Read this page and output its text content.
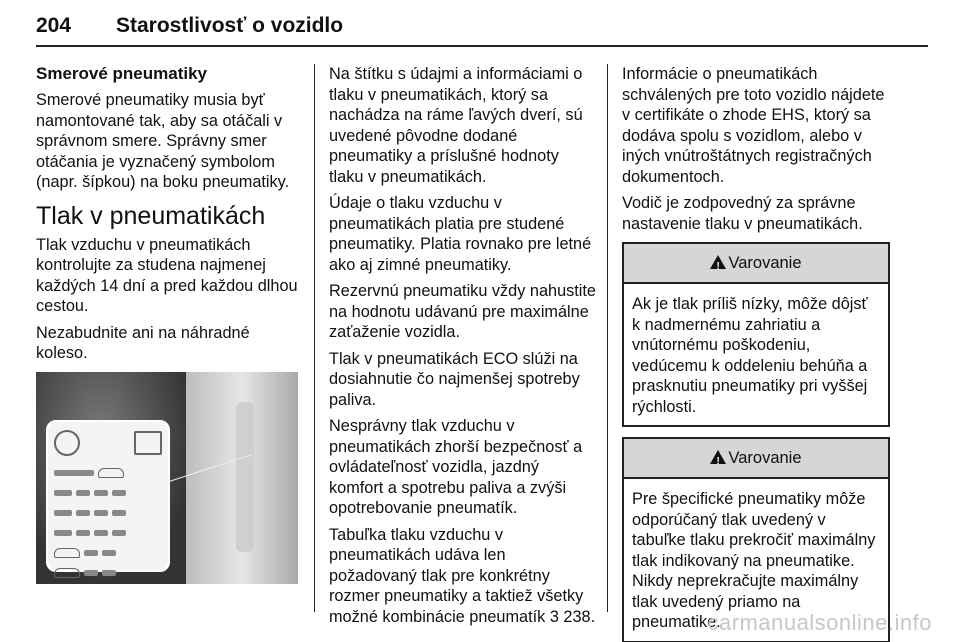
204 Starostlivosť o vozidlo
Smerové pneumatiky

Smerové pneumatiky musia byť namontované tak, aby sa otáčali v správnom smere. Správny smer otáčania je vyznačený symbolom (napr. šípkou) na boku pneumatiky.

Tlak v pneumatikách

Tlak vzduchu v pneumatikách kontrolujte za studena najmenej každých 14 dní a pred každou dlhou cestou.

Nezabudnite ani na náhradné koleso.

Na štítku s údajmi a informáciami o tlaku v pneumatikách, ktorý sa nachádza na ráme ľavých dverí, sú uvedené pôvodne dodané pneumatiky a príslušné hodnoty tlaku v pneumatikách.

Údaje o tlaku vzduchu v pneumatikách platia pre studené pneumatiky. Platia rovnako pre letné ako aj zimné pneumatiky.

Rezervnú pneumatiku vždy nahustite na hodnotu udávanú pre maximálne zaťaženie vozidla.

Tlak v pneumatikách ECO slúži na dosiahnutie čo najmenšej spotreby paliva.

Nesprávny tlak vzduchu v pneumatikách zhorší bezpečnosť a ovládateľnosť vozidla, jazdný komfort a spotrebu paliva a zvýši opotrebovanie pneumatík.

Tabuľka tlaku vzduchu v pneumatikách udáva len požadovaný tlak pre konkrétny rozmer pneumatiky a taktiež všetky možné kombinácie pneumatík 3 238.

Informácie o pneumatikách schválených pre toto vozidlo nájdete v certifikáte o zhode EHS, ktorý sa dodáva spolu s vozidlom, alebo v iných vnútroštátnych registračných dokumentoch.

Vodič je zodpovedný za správne nastavenie tlaku v pneumatikách.

!
Varovanie
Ak je tlak príliš nízky, môže dôjsť k nadmernému zahriatiu a vnútornému poškodeniu, vedúcemu k oddeleniu behúňa a prasknutiu pneumatiky pri vyššej rýchlosti.
!
Varovanie
Pre špecifické pneumatiky môže odporúčaný tlak uvedený v tabuľke tlaku prekročiť maximálny tlak indikovaný na pneumatike. Nikdy neprekračujte maximálny tlak uvedený priamo na pneumatike.
carmanualsonline.info
